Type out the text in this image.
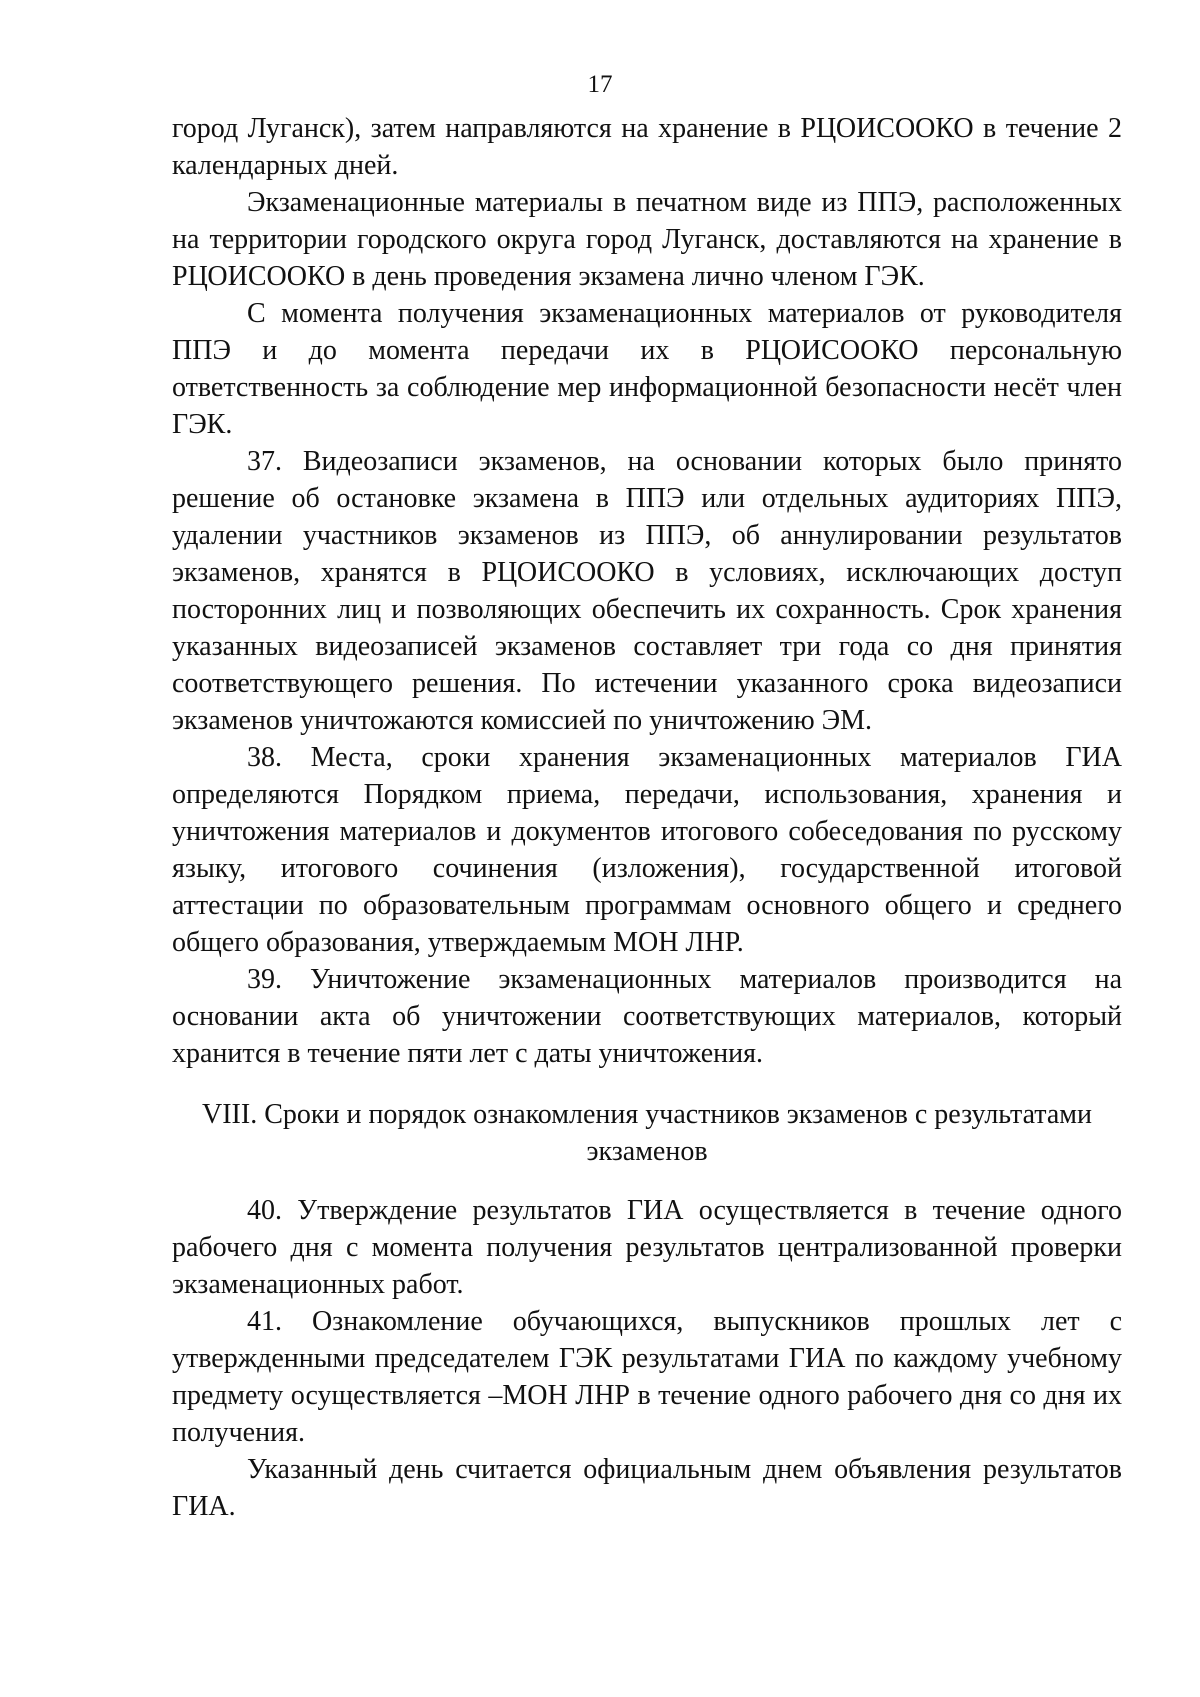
17

город Луганск), затем направляются на хранение в РЦОИСООКО в течение 2 календарных дней.

Экзаменационные материалы в печатном виде из ППЭ, расположенных на территории городского округа город Луганск, доставляются на хранение в РЦОИСООКО в день проведения экзамена лично членом ГЭК.

С момента получения экзаменационных материалов от руководителя ППЭ и до момента передачи их в РЦОИСООКО персональную ответственность за соблюдение мер информационной безопасности несёт член ГЭК.

37. Видеозаписи экзаменов, на основании которых было принято решение об остановке экзамена в ППЭ или отдельных аудиториях ППЭ, удалении участников экзаменов из ППЭ, об аннулировании результатов экзаменов, хранятся в РЦОИСООКО в условиях, исключающих доступ посторонних лиц и позволяющих обеспечить их сохранность. Срок хранения указанных видеозаписей экзаменов составляет три года со дня принятия соответствующего решения. По истечении указанного срока видеозаписи экзаменов уничтожаются комиссией по уничтожению ЭМ.

38. Места, сроки хранения экзаменационных материалов ГИА определяются Порядком приема, передачи, использования, хранения и уничтожения материалов и документов итогового собеседования по русскому языку, итогового сочинения (изложения), государственной итоговой аттестации по образовательным программам основного общего и среднего общего образования, утверждаемым МОН ЛНР.

39. Уничтожение экзаменационных материалов производится на основании акта об уничтожении соответствующих материалов, который хранится в течение пяти лет с даты уничтожения.

VIII. Сроки и порядок ознакомления участников экзаменов с результатами экзаменов

40. Утверждение результатов ГИА осуществляется в течение одного рабочего дня с момента получения результатов централизованной проверки экзаменационных работ.

41. Ознакомление обучающихся, выпускников прошлых лет с утвержденными председателем ГЭК результатами ГИА по каждому учебному предмету осуществляется –МОН ЛНР в течение одного рабочего дня со дня их получения.

Указанный день считается официальным днем объявления результатов ГИА.
